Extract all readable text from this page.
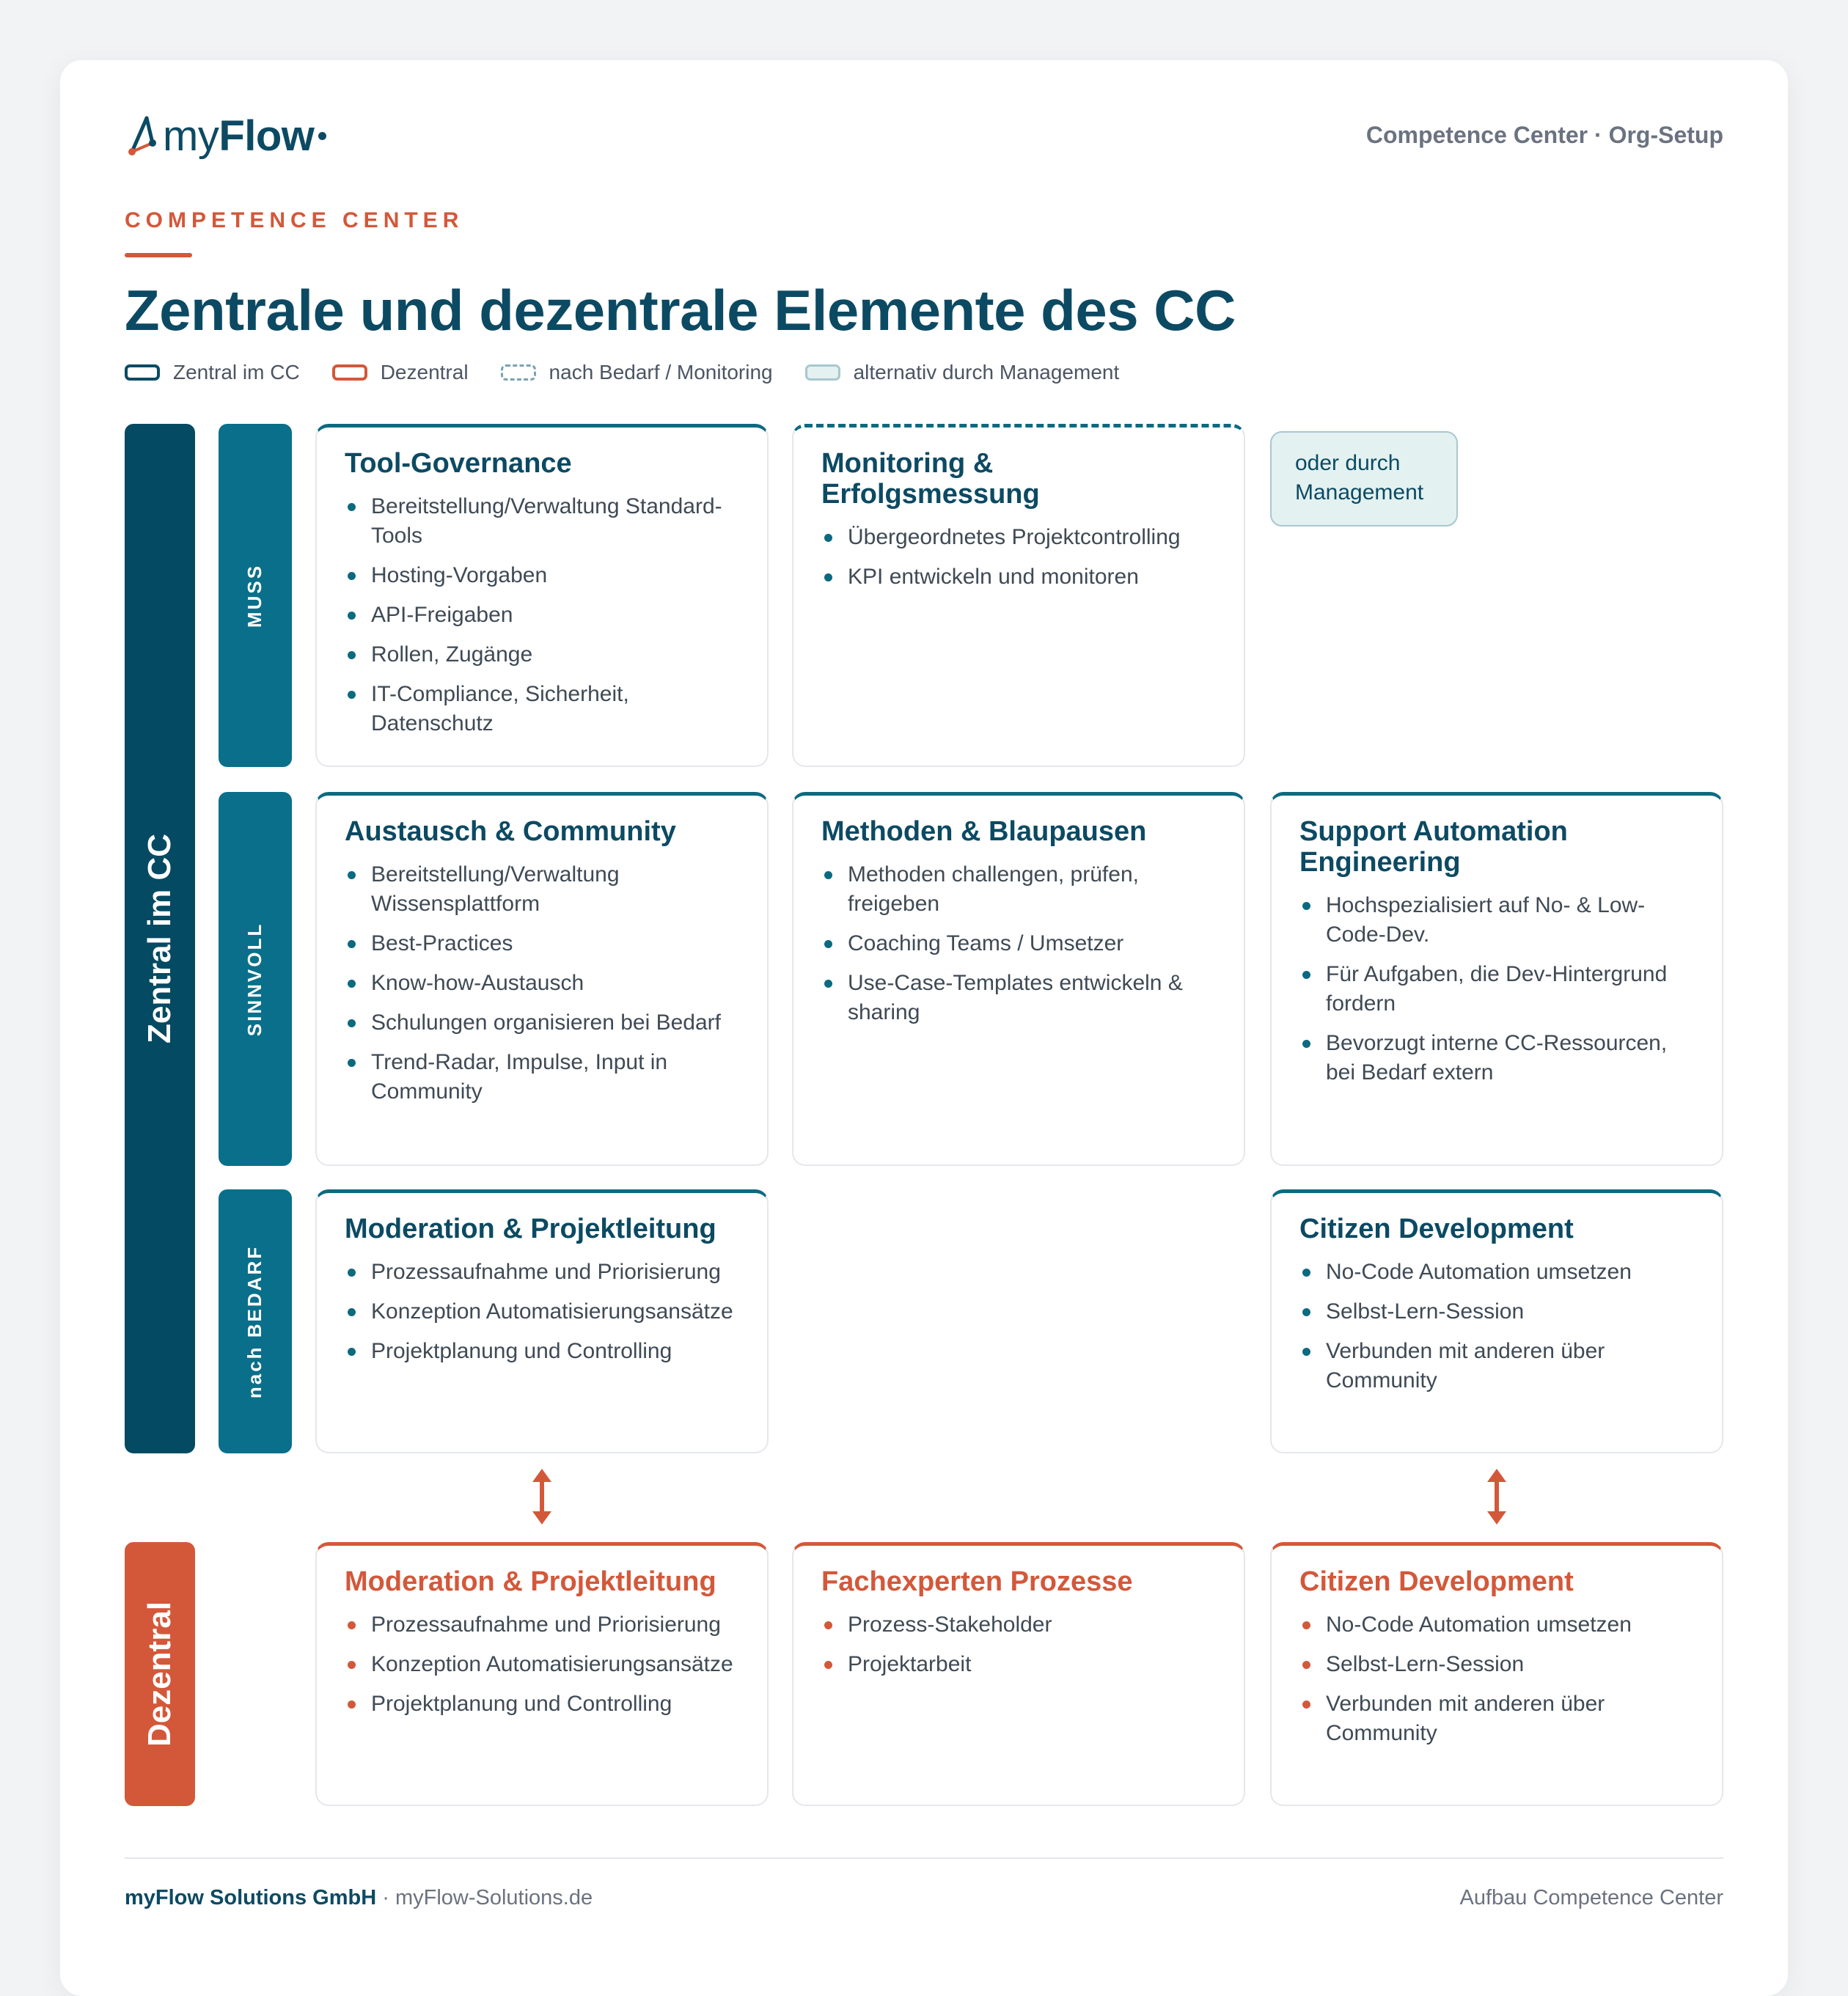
myFlow	Competence Center · Org-Setup
COMPETENCE CENTER
Zentrale und dezentrale Elemente des CC
Zentral im CC	Dezentral	nach Bedarf / Monitoring	alternativ durch Management
Zentral im CC
Dezentral
MUSS
SINNVOLL
nach BEDARF
Tool-Governance
Bereitstellung/Verwaltung Standard-Tools
Hosting-Vorgaben
API-Freigaben
Rollen, Zugänge
IT-Compliance, Sicherheit, Datenschutz
Monitoring & Erfolgsmessung
Übergeordnetes Projektcontrolling
KPI entwickeln und monitoren
oder durch Management
Austausch & Community
Bereitstellung/Verwaltung Wissensplattform
Best-Practices
Know-how-Austausch
Schulungen organisieren bei Bedarf
Trend-Radar, Impulse, Input in Community
Methoden & Blaupausen
Methoden challengen, prüfen, freigeben
Coaching Teams / Umsetzer
Use-Case-Templates entwickeln & sharing
Support Automation Engineering
Hochspezialisiert auf No- & Low-Code-Dev.
Für Aufgaben, die Dev-Hintergrund fordern
Bevorzugt interne CC-Ressourcen, bei Bedarf extern
Moderation & Projektleitung
Prozessaufnahme und Priorisierung
Konzeption Automatisierungsansätze
Projektplanung und Controlling
Citizen Development
No-Code Automation umsetzen
Selbst-Lern-Session
Verbunden mit anderen über Community
Moderation & Projektleitung
Prozessaufnahme und Priorisierung
Konzeption Automatisierungsansätze
Projektplanung und Controlling
Fachexperten Prozesse
Prozess-Stakeholder
Projektarbeit
Citizen Development
No-Code Automation umsetzen
Selbst-Lern-Session
Verbunden mit anderen über Community
myFlow Solutions GmbH · myFlow-Solutions.de	Aufbau Competence Center
